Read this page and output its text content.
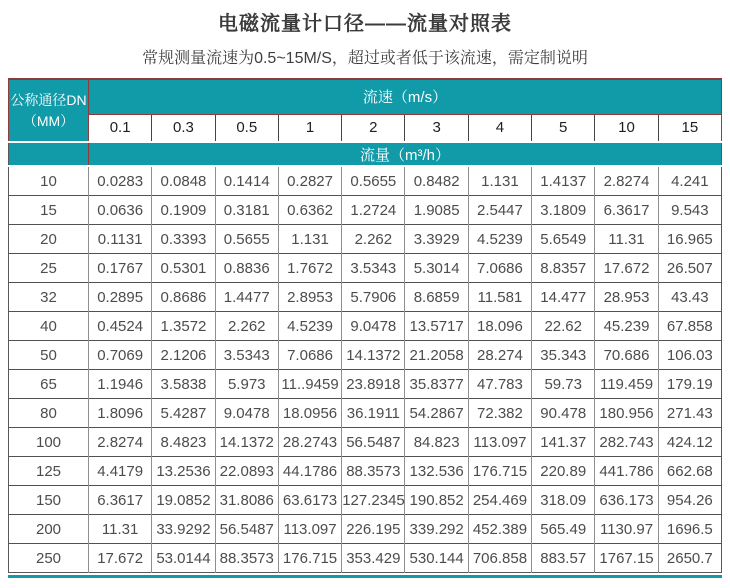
电磁流量计口径——流量对照表
常规测量流速为0.5~15M/S，超过或者低于该流速，需定制说明
公称通径DN
（MM）	流速（m/s）									
	0.1	0.3	0.5	1	2	3	4	5	10	15
	流量（m³/h）									
10	0.0283	0.0848	0.1414	0.2827	0.5655	0.8482	1.131	1.4137	2.8274	4.241
15	0.0636	0.1909	0.3181	0.6362	1.2724	1.9085	2.5447	3.1809	6.3617	9.543
20	0.1131	0.3393	0.5655	1.131	2.262	3.3929	4.5239	5.6549	11.31	16.965
25	0.1767	0.5301	0.8836	1.7672	3.5343	5.3014	7.0686	8.8357	17.672	26.507
32	0.2895	0.8686	1.4477	2.8953	5.7906	8.6859	11.581	14.477	28.953	43.43
40	0.4524	1.3572	2.262	4.5239	9.0478	13.5717	18.096	22.62	45.239	67.858
50	0.7069	2.1206	3.5343	7.0686	14.1372	21.2058	28.274	35.343	70.686	106.03
65	1.1946	3.5838	5.973	11..9459	23.8918	35.8377	47.783	59.73	119.459	179.19
80	1.8096	5.4287	9.0478	18.0956	36.1911	54.2867	72.382	90.478	180.956	271.43
100	2.8274	8.4823	14.1372	28.2743	56.5487	84.823	113.097	141.37	282.743	424.12
125	4.4179	13.2536	22.0893	44.1786	88.3573	132.536	176.715	220.89	441.786	662.68
150	6.3617	19.0852	31.8086	63.6173	127.2345	190.852	254.469	318.09	636.173	954.26
200	11.31	33.9292	56.5487	113.097	226.195	339.292	452.389	565.49	1130.97	1696.5
250	17.672	53.0144	88.3573	176.715	353.429	530.144	706.858	883.57	1767.15	2650.7
